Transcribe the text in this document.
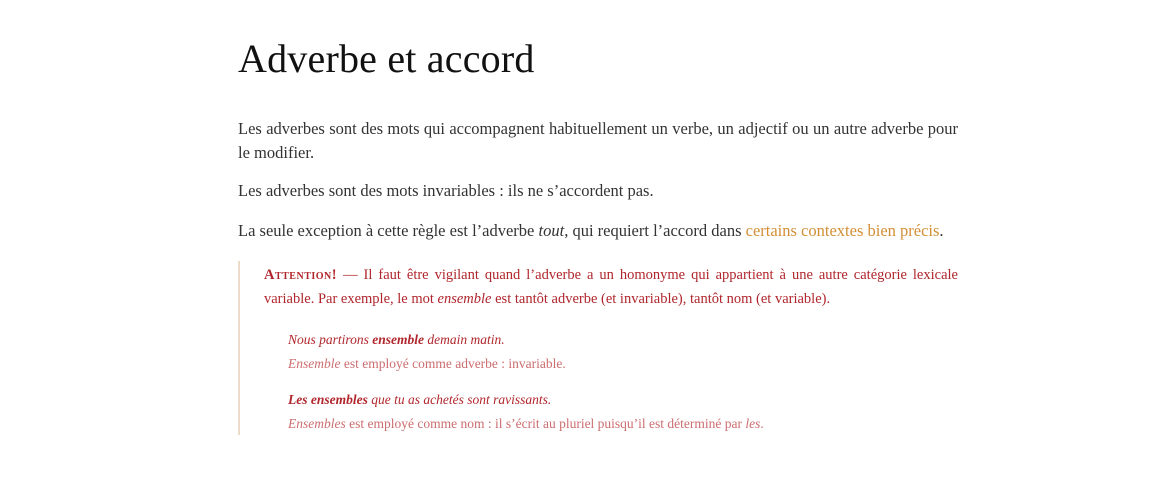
Adverbe et accord

Les adverbes sont des mots qui accompagnent habituellement un verbe, un adjectif ou un autre adverbe pour le modifier.

Les adverbes sont des mots invariables : ils ne s’accordent pas.

La seule exception à cette règle est l’adverbe tout, qui requiert l’accord dans certains contextes bien précis.

Attention! — Il faut être vigilant quand l’adverbe a un homonyme qui appartient à une autre catégorie lexicale variable. Par exemple, le mot ensemble est tantôt adverbe (et invariable), tantôt nom (et variable).
Nous partirons ensemble demain matin.
Ensemble est employé comme adverbe : invariable.
Les ensembles que tu as achetés sont ravissants.
Ensembles est employé comme nom : il s’écrit au pluriel puisqu’il est déterminé par les.
